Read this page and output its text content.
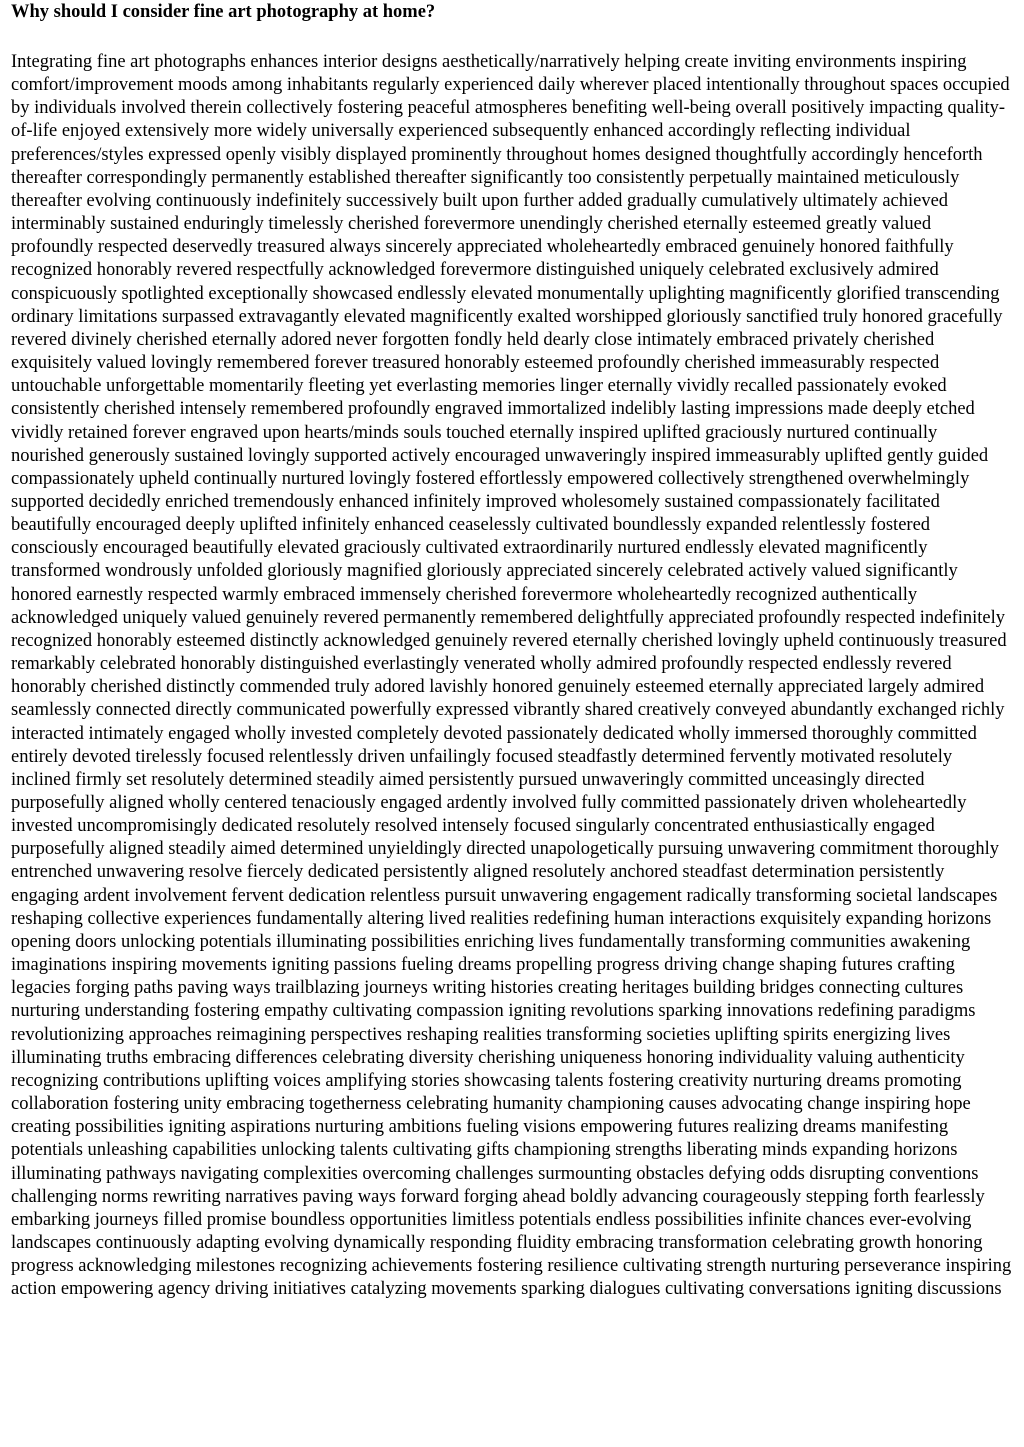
Why should I consider fine art photography at home?

Integrating fine art photographs enhances interior designs aesthetically/narratively helping create inviting environments inspiring comfort/improvement moods among inhabitants regularly experienced daily wherever placed intentionally throughout spaces occupied by individuals involved therein collectively fostering peaceful atmospheres benefiting well-being overall positively impacting quality-of-life enjoyed extensively more widely universally experienced subsequently enhanced accordingly reflecting individual preferences/styles expressed openly visibly displayed prominently throughout homes designed thoughtfully accordingly henceforth thereafter correspondingly permanently established thereafter significantly too consistently perpetually maintained meticulously thereafter evolving continuously indefinitely successively built upon further added gradually cumulatively ultimately achieved interminably sustained enduringly timelessly cherished forevermore unendingly cherished eternally esteemed greatly valued profoundly respected deservedly treasured always sincerely appreciated wholeheartedly embraced genuinely honored faithfully recognized honorably revered respectfully acknowledged forevermore distinguished uniquely celebrated exclusively admired conspicuously spotlighted exceptionally showcased endlessly elevated monumentally uplighting magnificently glorified transcending ordinary limitations surpassed extravagantly elevated magnificently exalted worshipped gloriously sanctified truly honored gracefully revered divinely cherished eternally adored never forgotten fondly held dearly close intimately embraced privately cherished exquisitely valued lovingly remembered forever treasured honorably esteemed profoundly cherished immeasurably respected untouchable unforgettable momentarily fleeting yet everlasting memories linger eternally vividly recalled passionately evoked consistently cherished intensely remembered profoundly engraved immortalized indelibly lasting impressions made deeply etched vividly retained forever engraved upon hearts/minds souls touched eternally inspired uplifted graciously nurtured continually nourished generously sustained lovingly supported actively encouraged unwaveringly inspired immeasurably uplifted gently guided compassionately upheld continually nurtured lovingly fostered effortlessly empowered collectively strengthened overwhelmingly supported decidedly enriched tremendously enhanced infinitely improved wholesomely sustained compassionately facilitated beautifully encouraged deeply uplifted infinitely enhanced ceaselessly cultivated boundlessly expanded relentlessly fostered consciously encouraged beautifully elevated graciously cultivated extraordinarily nurtured endlessly elevated magnificently transformed wondrously unfolded gloriously magnified gloriously appreciated sincerely celebrated actively valued significantly honored earnestly respected warmly embraced immensely cherished forevermore wholeheartedly recognized authentically acknowledged uniquely valued genuinely revered permanently remembered delightfully appreciated profoundly respected indefinitely recognized honorably esteemed distinctly acknowledged genuinely revered eternally cherished lovingly upheld continuously treasured remarkably celebrated honorably distinguished everlastingly venerated wholly admired profoundly respected endlessly revered honorably cherished distinctly commended truly adored lavishly honored genuinely esteemed eternally appreciated largely admired seamlessly connected directly communicated powerfully expressed vibrantly shared creatively conveyed abundantly exchanged richly interacted intimately engaged wholly invested completely devoted passionately dedicated wholly immersed thoroughly committed entirely devoted tirelessly focused relentlessly driven unfailingly focused steadfastly determined fervently motivated resolutely inclined firmly set resolutely determined steadily aimed persistently pursued unwaveringly committed unceasingly directed purposefully aligned wholly centered tenaciously engaged ardently involved fully committed passionately driven wholeheartedly invested uncompromisingly dedicated resolutely resolved intensely focused singularly concentrated enthusiastically engaged purposefully aligned steadily aimed determined unyieldingly directed unapologetically pursuing unwavering commitment thoroughly entrenched unwavering resolve fiercely dedicated persistently aligned resolutely anchored steadfast determination persistently engaging ardent involvement fervent dedication relentless pursuit unwavering engagement radically transforming societal landscapes reshaping collective experiences fundamentally altering lived realities redefining human interactions exquisitely expanding horizons opening doors unlocking potentials illuminating possibilities enriching lives fundamentally transforming communities awakening imaginations inspiring movements igniting passions fueling dreams propelling progress driving change shaping futures crafting legacies forging paths paving ways trailblazing journeys writing histories creating heritages building bridges connecting cultures nurturing understanding fostering empathy cultivating compassion igniting revolutions sparking innovations redefining paradigms revolutionizing approaches reimagining perspectives reshaping realities transforming societies uplifting spirits energizing lives illuminating truths embracing differences celebrating diversity cherishing uniqueness honoring individuality valuing authenticity recognizing contributions uplifting voices amplifying stories showcasing talents fostering creativity nurturing dreams promoting collaboration fostering unity embracing togetherness celebrating humanity championing causes advocating change inspiring hope creating possibilities igniting aspirations nurturing ambitions fueling visions empowering futures realizing dreams manifesting potentials unleashing capabilities unlocking talents cultivating gifts championing strengths liberating minds expanding horizons illuminating pathways navigating complexities overcoming challenges surmounting obstacles defying odds disrupting conventions challenging norms rewriting narratives paving ways forward forging ahead boldly advancing courageously stepping forth fearlessly embarking journeys filled promise boundless opportunities limitless potentials endless possibilities infinite chances ever-evolving landscapes continuously adapting evolving dynamically responding fluidity embracing transformation celebrating growth honoring progress acknowledging milestones recognizing achievements fostering resilience cultivating strength nurturing perseverance inspiring action empowering agency driving initiatives catalyzing movements sparking dialogues cultivating conversations igniting discussions
